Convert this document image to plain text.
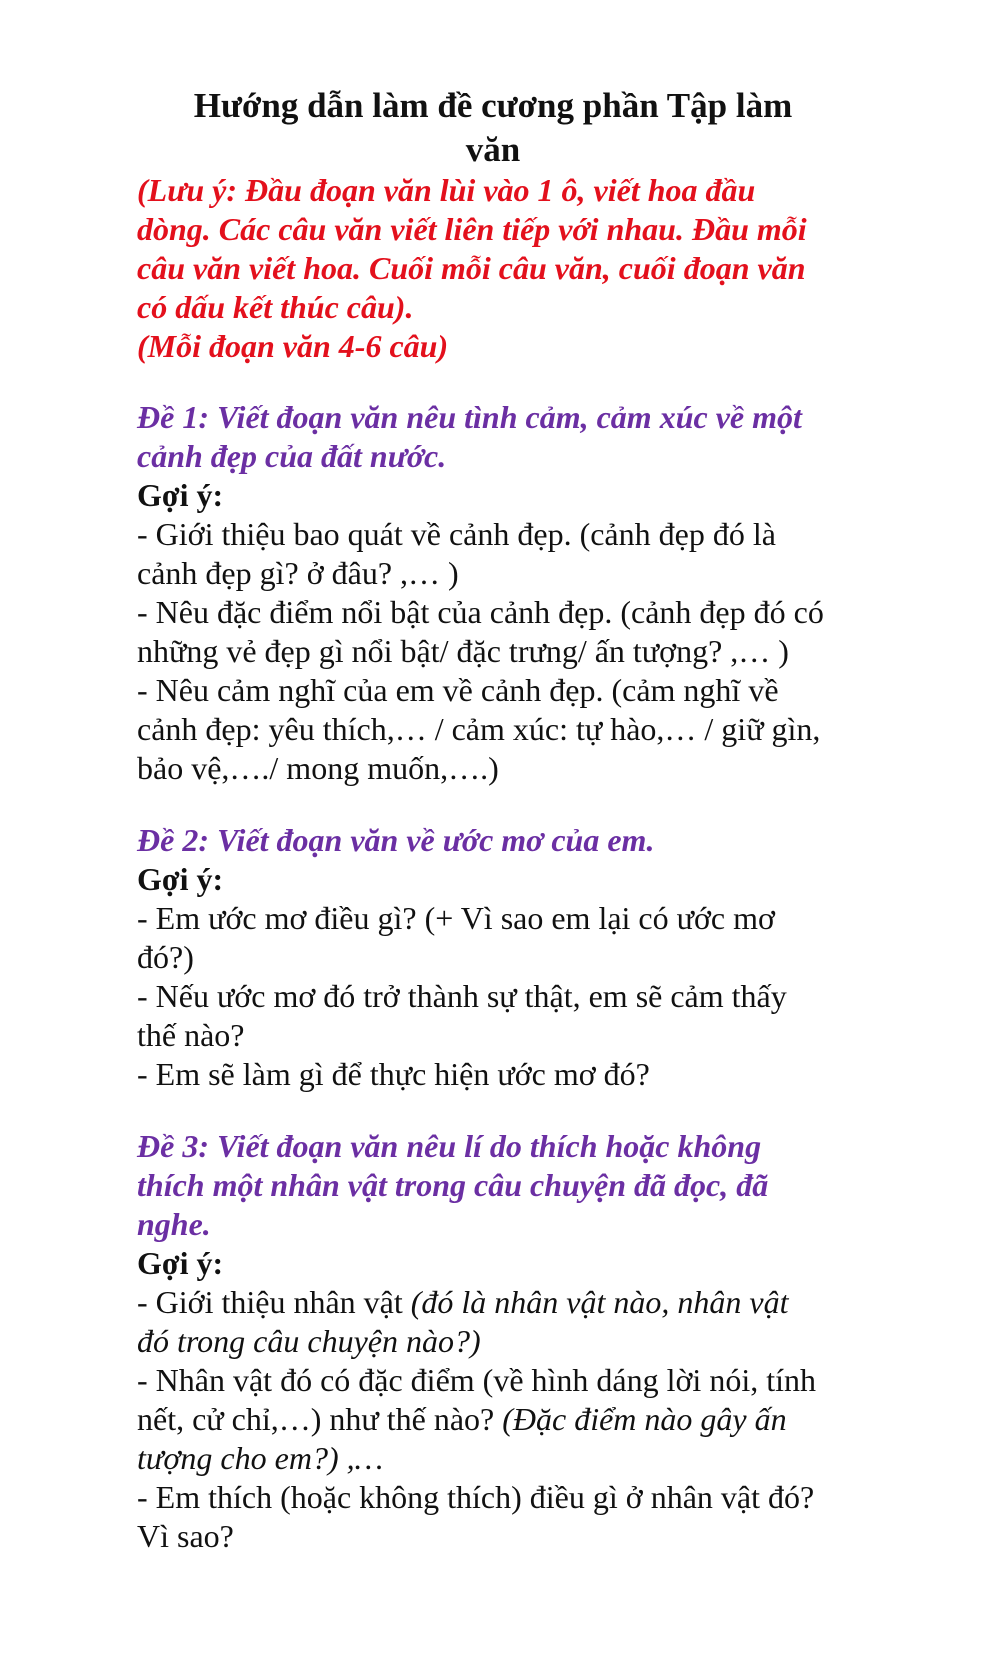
Hướng dẫn làm đề cương phần Tập làm

văn

(Lưu ý: Đầu đoạn văn lùi vào 1 ô, viết hoa đầu

dòng. Các câu văn viết liên tiếp với nhau. Đầu mỗi

câu văn viết hoa. Cuối mỗi câu văn, cuối đoạn văn

có dấu kết thúc câu).

(Mỗi đoạn văn 4-6 câu)

Đề 1: Viết đoạn văn nêu tình cảm, cảm xúc về một

cảnh đẹp của đất nước.

Gợi ý:

- Giới thiệu bao quát về cảnh đẹp. (cảnh đẹp đó là

cảnh đẹp gì? ở đâu? ,… )

- Nêu đặc điểm nổi bật của cảnh đẹp. (cảnh đẹp đó có

những vẻ đẹp gì nổi bật/ đặc trưng/ ấn tượng? ,… )

- Nêu cảm nghĩ của em về cảnh đẹp. (cảm nghĩ về

cảnh đẹp: yêu thích,… / cảm xúc: tự hào,… / giữ gìn,

bảo vệ,…./ mong muốn,….)

Đề 2: Viết đoạn văn về ước mơ của em.

Gợi ý:

- Em ước mơ điều gì? (+ Vì sao em lại có ước mơ

đó?)

- Nếu ước mơ đó trở thành sự thật, em sẽ cảm thấy

thế nào?

- Em sẽ làm gì để thực hiện ước mơ đó?

Đề 3: Viết đoạn văn nêu lí do thích hoặc không

thích một nhân vật trong câu chuyện đã đọc, đã

nghe.

Gợi ý:

- Giới thiệu nhân vật (đó là nhân vật nào, nhân vật

đó trong câu chuyện nào?)

- Nhân vật đó có đặc điểm (về hình dáng lời nói, tính

nết, cử chỉ,…) như thế nào? (Đặc điểm nào gây ấn

tượng cho em?) ,…

- Em thích (hoặc không thích) điều gì ở nhân vật đó?

Vì sao?
